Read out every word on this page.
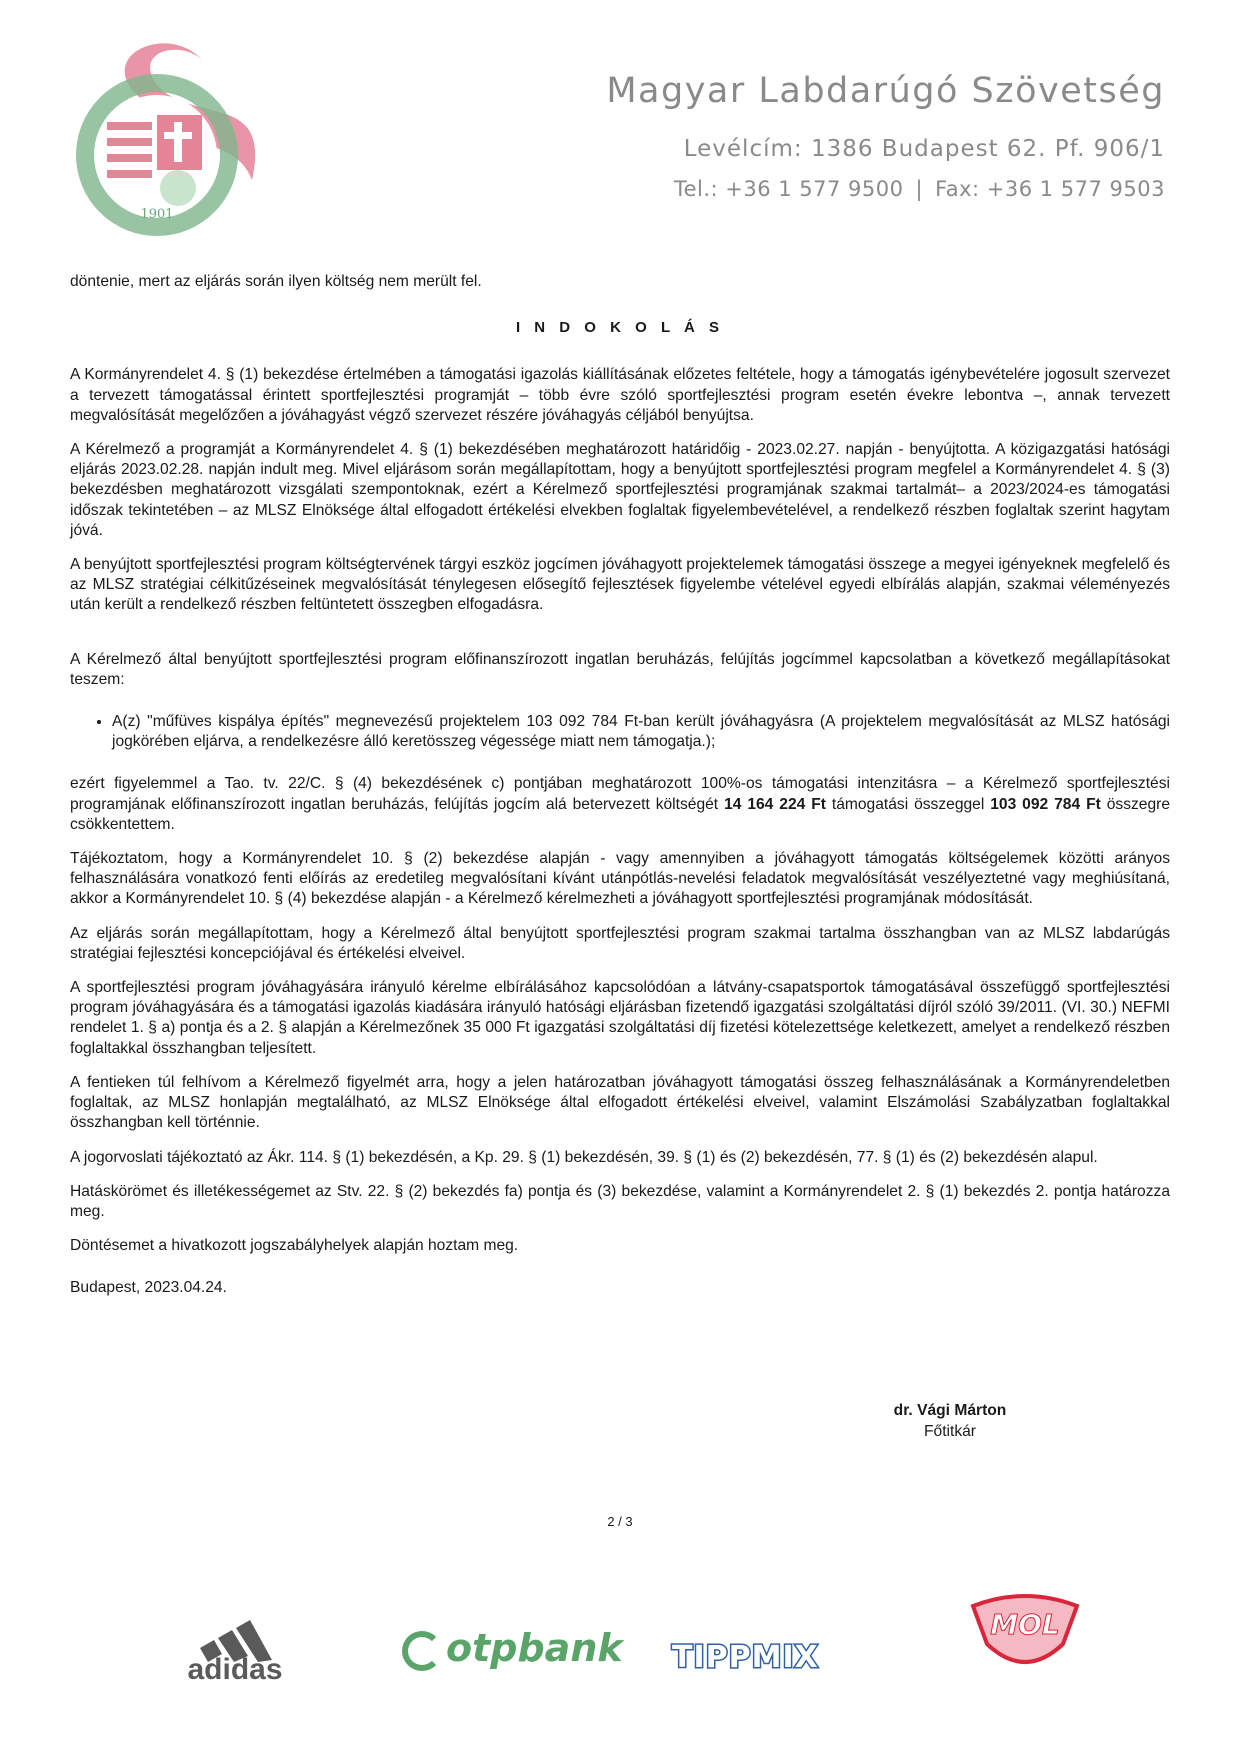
1901
Magyar Labdarúgó Szövetség
Levélcím: 1386 Budapest 62. Pf. 906/1
Tel.: +36 1 577 9500 | Fax: +36 1 577 9503

döntenie, mert az eljárás során ilyen költség nem merült fel.

I N D O K O L Á S

A Kormányrendelet 4. § (1) bekezdése értelmében a támogatási igazolás kiállításának előzetes feltétele, hogy a támogatás igénybevételére jogosult szervezet a tervezett támogatással érintett sportfejlesztési programját – több évre szóló sportfejlesztési program esetén évekre lebontva –, annak tervezett megvalósítását megelőzően a jóváhagyást végző szervezet részére jóváhagyás céljából benyújtsa.

A Kérelmező a programját a Kormányrendelet 4. § (1) bekezdésében meghatározott határidőig - 2023.02.27. napján - benyújtotta. A közigazgatási hatósági eljárás 2023.02.28. napján indult meg. Mivel eljárásom során megállapítottam, hogy a benyújtott sportfejlesztési program megfelel a Kormányrendelet 4. § (3) bekezdésben meghatározott vizsgálati szempontoknak, ezért a Kérelmező sportfejlesztési programjának szakmai tartalmát– a 2023/2024-es támogatási időszak tekintetében – az MLSZ Elnöksége által elfogadott értékelési elvekben foglaltak figyelembevételével, a rendelkező részben foglaltak szerint hagytam jóvá.

A benyújtott sportfejlesztési program költségtervének tárgyi eszköz jogcímen jóváhagyott projektelemek támogatási összege a megyei igényeknek megfelelő és az MLSZ stratégiai célkitűzéseinek megvalósítását ténylegesen elősegítő fejlesztések figyelembe vételével egyedi elbírálás alapján, szakmai véleményezés után került a rendelkező részben feltüntetett összegben elfogadásra.

A Kérelmező által benyújtott sportfejlesztési program előfinanszírozott ingatlan beruházás, felújítás jogcímmel kapcsolatban a következő megállapításokat teszem:

• A(z) "műfüves kispálya építés" megnevezésű projektelem 103 092 784 Ft-ban került jóváhagyásra (A projektelem megvalósítását az MLSZ hatósági jogkörében eljárva, a rendelkezésre álló keretösszeg végessége miatt nem támogatja.);

ezért figyelemmel a Tao. tv. 22/C. § (4) bekezdésének c) pontjában meghatározott 100%-os támogatási intenzitásra – a Kérelmező sportfejlesztési programjának előfinanszírozott ingatlan beruházás, felújítás jogcím alá betervezett költségét 14 164 224 Ft támogatási összeggel 103 092 784 Ft összegre csökkentettem.

Tájékoztatom, hogy a Kormányrendelet 10. § (2) bekezdése alapján - vagy amennyiben a jóváhagyott támogatás költségelemek közötti arányos felhasználására vonatkozó fenti előírás az eredetileg megvalósítani kívánt utánpótlás-nevelési feladatok megvalósítását veszélyeztetné vagy meghiúsítaná, akkor a Kormányrendelet 10. § (4) bekezdése alapján - a Kérelmező kérelmezheti a jóváhagyott sportfejlesztési programjának módosítását.

Az eljárás során megállapítottam, hogy a Kérelmező által benyújtott sportfejlesztési program szakmai tartalma összhangban van az MLSZ labdarúgás stratégiai fejlesztési koncepciójával és értékelési elveivel.

A sportfejlesztési program jóváhagyására irányuló kérelme elbírálásához kapcsolódóan a látvány-csapatsportok támogatásával összefüggő sportfejlesztési program jóváhagyására és a támogatási igazolás kiadására irányuló hatósági eljárásban fizetendő igazgatási szolgáltatási díjról szóló 39/2011. (VI. 30.) NEFMI rendelet 1. § a) pontja és a 2. § alapján a Kérelmezőnek 35 000 Ft igazgatási szolgáltatási díj fizetési kötelezettsége keletkezett, amelyet a rendelkező részben foglaltakkal összhangban teljesített.

A fentieken túl felhívom a Kérelmező figyelmét arra, hogy a jelen határozatban jóváhagyott támogatási összeg felhasználásának a Kormányrendeletben foglaltak, az MLSZ honlapján megtalálható, az MLSZ Elnöksége által elfogadott értékelési elveivel, valamint Elszámolási Szabályzatban foglaltakkal összhangban kell történnie.

A jogorvoslati tájékoztató az Ákr. 114. § (1) bekezdésén, a Kp. 29. § (1) bekezdésén, 39. § (1) és (2) bekezdésén, 77. § (1) és (2) bekezdésén alapul.

Hatáskörömet és illetékességemet az Stv. 22. § (2) bekezdés fa) pontja és (3) bekezdése, valamint a Kormányrendelet 2. § (1) bekezdés 2. pontja határozza meg.

Döntésemet a hivatkozott jogszabályhelyek alapján hoztam meg.

Budapest, 2023.04.24.

dr. Vági Márton
Főtitkár
2 / 3
adidas	otpbank TIPPMIX
MOL
